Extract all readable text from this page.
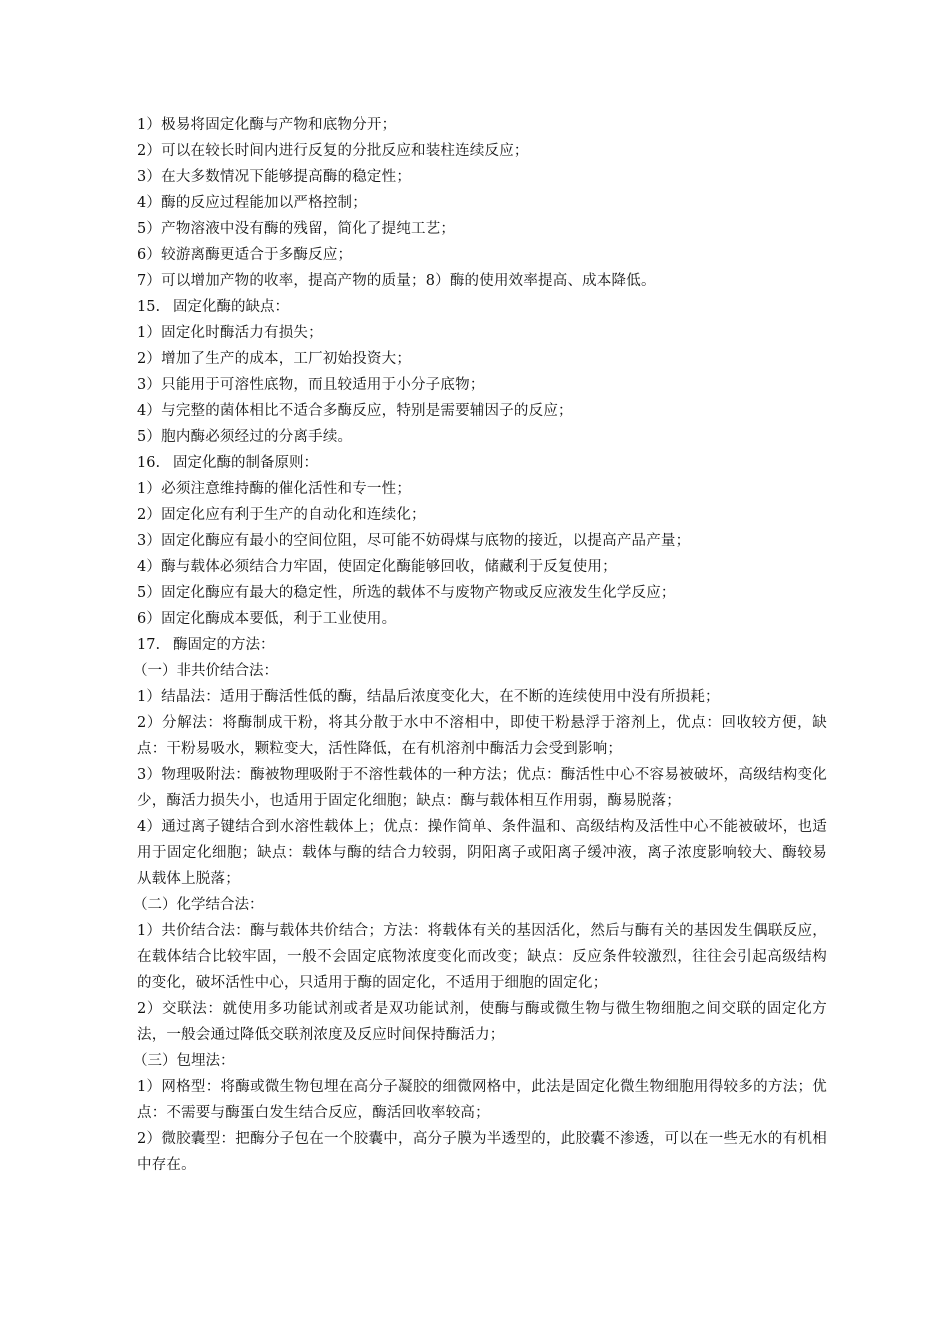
1）极易将固定化酶与产物和底物分开；
2）可以在较长时间内进行反复的分批反应和装柱连续反应；
3）在大多数情况下能够提高酶的稳定性；
4）酶的反应过程能加以严格控制；
5）产物溶液中没有酶的残留，简化了提纯工艺；
6）较游离酶更适合于多酶反应；
7）可以增加产物的收率，提高产物的质量；8）酶的使用效率提高、成本降低。
15. 固定化酶的缺点：
1）固定化时酶活力有损失；
2）增加了生产的成本，工厂初始投资大；
3）只能用于可溶性底物，而且较适用于小分子底物；
4）与完整的菌体相比不适合多酶反应，特别是需要辅因子的反应；
5）胞内酶必须经过的分离手续。
16. 固定化酶的制备原则：
1）必须注意维持酶的催化活性和专一性；
2）固定化应有利于生产的自动化和连续化；
3）固定化酶应有最小的空间位阻，尽可能不妨碍煤与底物的接近，以提高产品产量；
4）酶与载体必须结合力牢固，使固定化酶能够回收，储藏利于反复使用；
5）固定化酶应有最大的稳定性，所选的载体不与废物产物或反应液发生化学反应；
6）固定化酶成本要低，利于工业使用。
17. 酶固定的方法：
（一）非共价结合法：
1）结晶法：适用于酶活性低的酶，结晶后浓度变化大，在不断的连续使用中没有所损耗；
2）分解法：将酶制成干粉，将其分散于水中不溶相中，即使干粉悬浮于溶剂上，优点：回收较方便，缺点：干粉易吸水，颗粒变大，活性降低，在有机溶剂中酶活力会受到影响；
3）物理吸附法：酶被物理吸附于不溶性载体的一种方法；优点：酶活性中心不容易被破坏，高级结构变化少，酶活力损失小，也适用于固定化细胞；缺点：酶与载体相互作用弱，酶易脱落；
4）通过离子键结合到水溶性载体上；优点：操作简单、条件温和、高级结构及活性中心不能被破坏，也适用于固定化细胞；缺点：载体与酶的结合力较弱，阴阳离子或阳离子缓冲液，离子浓度影响较大、酶较易从载体上脱落；
（二）化学结合法：
1）共价结合法：酶与载体共价结合；方法：将载体有关的基因活化，然后与酶有关的基因发生偶联反应，在载体结合比较牢固，一般不会固定底物浓度变化而改变；缺点：反应条件较激烈，往往会引起高级结构的变化，破坏活性中心，只适用于酶的固定化，不适用于细胞的固定化；
2）交联法：就使用多功能试剂或者是双功能试剂，使酶与酶或微生物与微生物细胞之间交联的固定化方法，一般会通过降低交联剂浓度及反应时间保持酶活力；
（三）包埋法：
1）网格型：将酶或微生物包埋在高分子凝胶的细微网格中，此法是固定化微生物细胞用得较多的方法；优点：不需要与酶蛋白发生结合反应，酶活回收率较高；
2）微胶囊型：把酶分子包在一个胶囊中，高分子膜为半透型的，此胶囊不渗透，可以在一些无水的有机相中存在。
